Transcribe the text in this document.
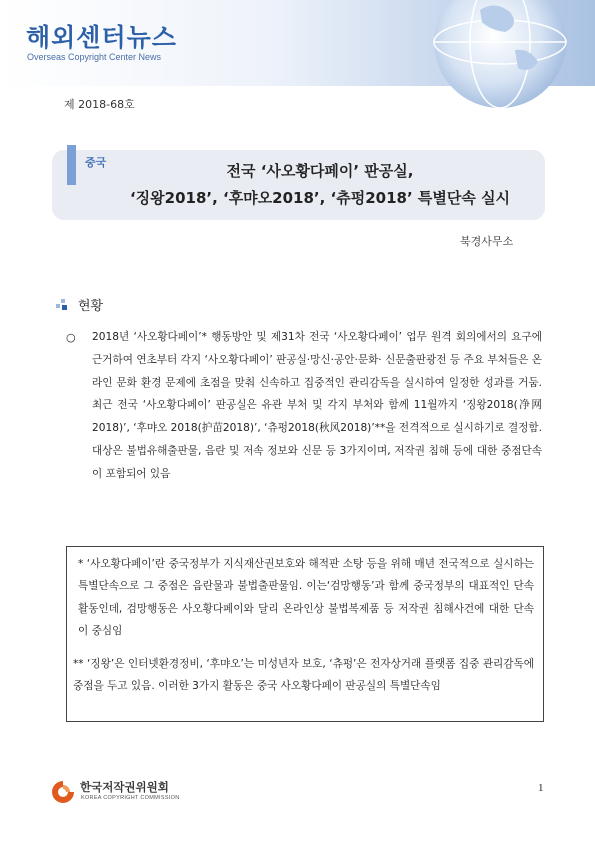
해외센터뉴스
Overseas Copyright Center News
제 2018-68호
중국	전국 ‘사오황다페이’ 판공실,
‘징왕2018’, ‘후먀오2018’, ‘츄펑2018’ 특별단속 실시
북경사무소
현황
○ 2018년 ‘사오황다페이’* 행동방안 및 제31차 전국 ‘사오황다페이’ 업무 원격 회의에서의 요구에 근거하여 연초부터 각지 ‘사오황다페이’ 판공실·망신·공안·문화· 신문출판광전 등 주요 부처들은 온라인 문화 환경 문제에 초점을 맞춰 신속하고 집중적인 관리감독을 실시하여 일정한 성과를 거둠. 최근 전국 ‘사오황다페이’ 판공실은 유관 부처 및 각지 부처와 함께 11월까지 ‘징왕2018(净网2018)’, ‘후먀오 2018(护苗2018)’, ‘츄펑2018(秋风2018)’**을 전격적으로 실시하기로 결정함. 대상은 불법유해출판물, 음란 및 저속 정보와 신문 등 3가지이며, 저작권 침해 등에 대한 중점단속이 포함되어 있음
* ‘사오황다페이’란 중국정부가 지식재산권보호와 해적판 소탕 등을 위해 매년 전국적으로 실시하는 특별단속으로 그 중점은 음란물과 불법출판물임. 이는‘검망행동’과 함께 중국정부의 대표적인 단속활동인데, 검망행동은 사오황다페이와 달리 온라인상 불법복제품 등 저작권 침해사건에 대한 단속이 중심임
** ‘징왕’은 인터넷환경정비, ‘후먀오’는 미성년자 보호, ‘츄펑’은 전자상거래 플랫폼 집중 관리감독에 중점을 두고 있음. 이러한 3가지 활동은 중국 사오황다페이 판공실의 특별단속임
한국저작권위원회
KOREA COPYRIGHT COMMISSION
1
